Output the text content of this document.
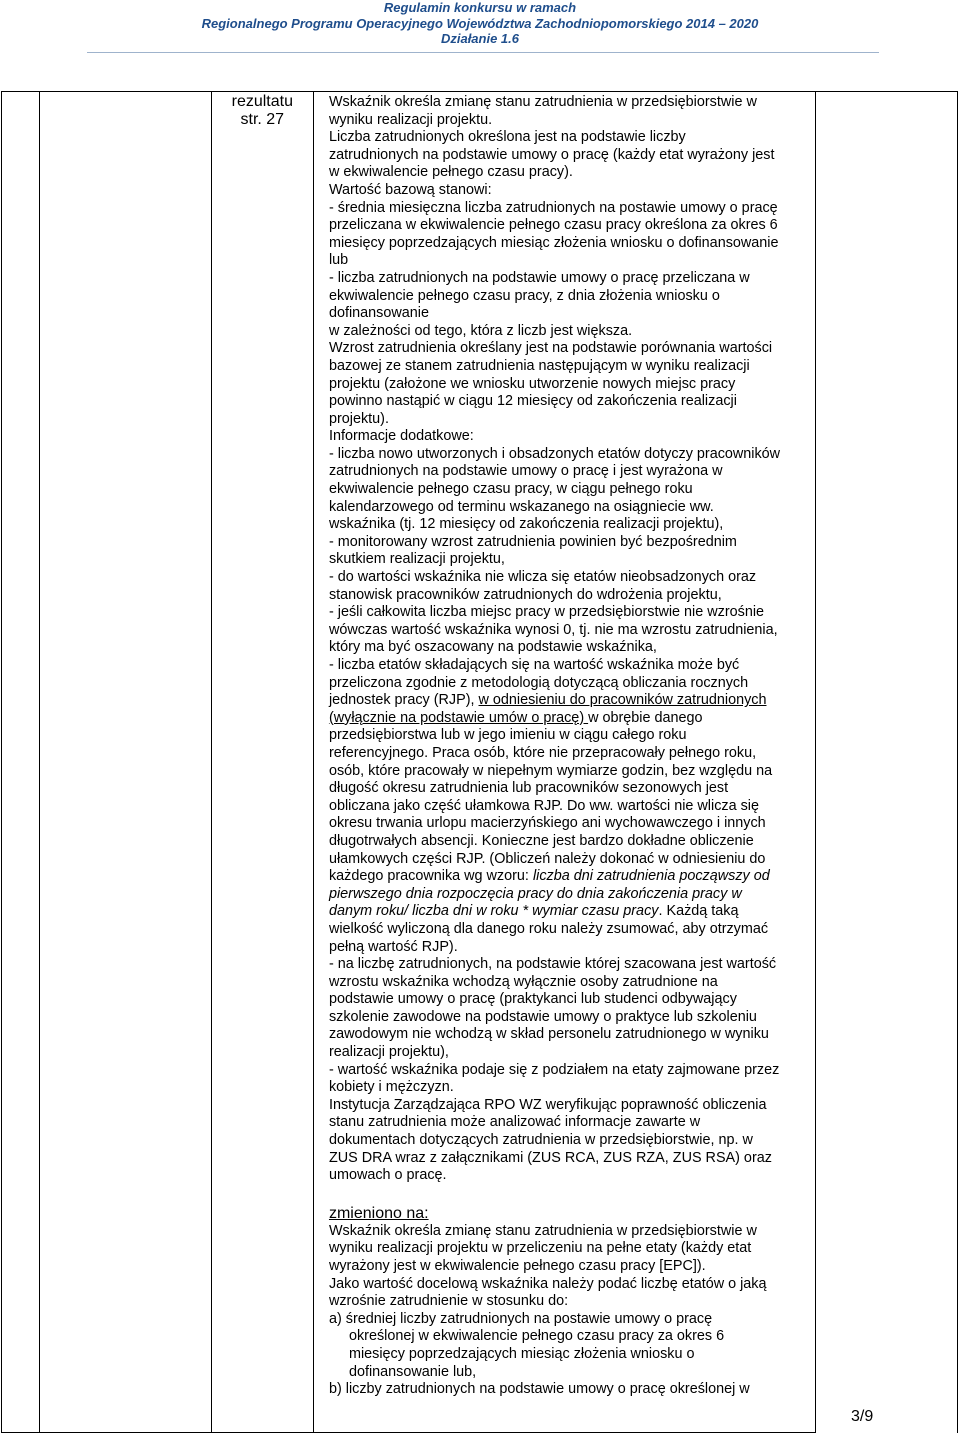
Regulamin konkursu w ramach
Regionalnego Programu Operacyjnego Województwa Zachodniopomorskiego 2014 – 2020
Działanie 1.6

rezultatu
str. 27

Wskaźnik określa zmianę stanu zatrudnienia w przedsiębiorstwie w

wyniku realizacji projektu.

Liczba zatrudnionych określona jest na podstawie liczby

zatrudnionych na podstawie umowy o pracę (każdy etat wyrażony jest

w ekwiwalencie pełnego czasu pracy).

Wartość bazową stanowi:

- średnia miesięczna liczba zatrudnionych na postawie umowy o pracę

przeliczana w ekwiwalencie pełnego czasu pracy określona za okres 6

miesięcy poprzedzających miesiąc złożenia wniosku o dofinansowanie

lub

- liczba zatrudnionych na podstawie umowy o pracę przeliczana w

ekwiwalencie pełnego czasu pracy, z dnia złożenia wniosku o

dofinansowanie

w zależności od tego, która z liczb jest większa.

Wzrost zatrudnienia określany jest na podstawie porównania wartości

bazowej ze stanem zatrudnienia następującym w wyniku realizacji

projektu (założone we wniosku utworzenie nowych miejsc pracy

powinno nastąpić w ciągu 12 miesięcy od zakończenia realizacji

projektu).

Informacje dodatkowe:

- liczba nowo utworzonych i obsadzonych etatów dotyczy pracowników

zatrudnionych na podstawie umowy o pracę i jest wyrażona w

ekwiwalencie pełnego czasu pracy, w ciągu pełnego roku

kalendarzowego od terminu wskazanego na osiągniecie ww.

wskaźnika (tj. 12 miesięcy od zakończenia realizacji projektu),

- monitorowany wzrost zatrudnienia powinien być bezpośrednim

skutkiem realizacji projektu,

- do wartości wskaźnika nie wlicza się etatów nieobsadzonych oraz

stanowisk pracowników zatrudnionych do wdrożenia projektu,

- jeśli całkowita liczba miejsc pracy w przedsiębiorstwie nie wzrośnie

wówczas wartość wskaźnika wynosi 0, tj. nie ma wzrostu zatrudnienia,

który ma być oszacowany na podstawie wskaźnika,

- liczba etatów składających się na wartość wskaźnika może być

przeliczona zgodnie z metodologią dotyczącą obliczania rocznych

jednostek pracy (RJP), w odniesieniu do pracowników zatrudnionych

(wyłącznie na podstawie umów o pracę) w obrębie danego

przedsiębiorstwa lub w jego imieniu w ciągu całego roku

referencyjnego. Praca osób, które nie przepracowały pełnego roku,

osób, które pracowały w niepełnym wymiarze godzin, bez względu na

długość okresu zatrudnienia lub pracowników sezonowych jest

obliczana jako część ułamkowa RJP. Do ww. wartości nie wlicza się

okresu trwania urlopu macierzyńskiego ani wychowawczego i innych

długotrwałych absencji. Konieczne jest bardzo dokładne obliczenie

ułamkowych części RJP. (Obliczeń należy dokonać w odniesieniu do

każdego pracownika wg wzoru: liczba dni zatrudnienia począwszy od

pierwszego dnia rozpoczęcia pracy do dnia zakończenia pracy w

danym roku/ liczba dni w roku * wymiar czasu pracy. Każdą taką

wielkość wyliczoną dla danego roku należy zsumować, aby otrzymać

pełną wartość RJP).

- na liczbę zatrudnionych, na podstawie której szacowana jest wartość

wzrostu wskaźnika wchodzą wyłącznie osoby zatrudnione na

podstawie umowy o pracę (praktykanci lub studenci odbywający

szkolenie zawodowe na podstawie umowy o praktyce lub szkoleniu

zawodowym nie wchodzą w skład personelu zatrudnionego w wyniku

realizacji projektu),

- wartość wskaźnika podaje się z podziałem na etaty zajmowane przez

kobiety i mężczyzn.

Instytucja Zarządzająca RPO WZ weryfikując poprawność obliczenia

stanu zatrudnienia może analizować informacje zawarte w

dokumentach dotyczących zatrudnienia w przedsiębiorstwie, np. w

ZUS DRA wraz z załącznikami (ZUS RCA, ZUS RZA, ZUS RSA) oraz

umowach o pracę.

zmieniono na:

Wskaźnik określa zmianę stanu zatrudnienia w przedsiębiorstwie w

wyniku realizacji projektu w przeliczeniu na pełne etaty (każdy etat

wyrażony jest w ekwiwalencie pełnego czasu pracy [EPC]).

Jako wartość docelową wskaźnika należy podać liczbę etatów o jaką

wzrośnie zatrudnienie w stosunku do:

a) średniej liczby zatrudnionych na postawie umowy o pracę

określonej w ekwiwalencie pełnego czasu pracy za okres 6

miesięcy poprzedzających miesiąc złożenia wniosku o

dofinansowanie lub,

b) liczby zatrudnionych na podstawie umowy o pracę określonej w

3/9
